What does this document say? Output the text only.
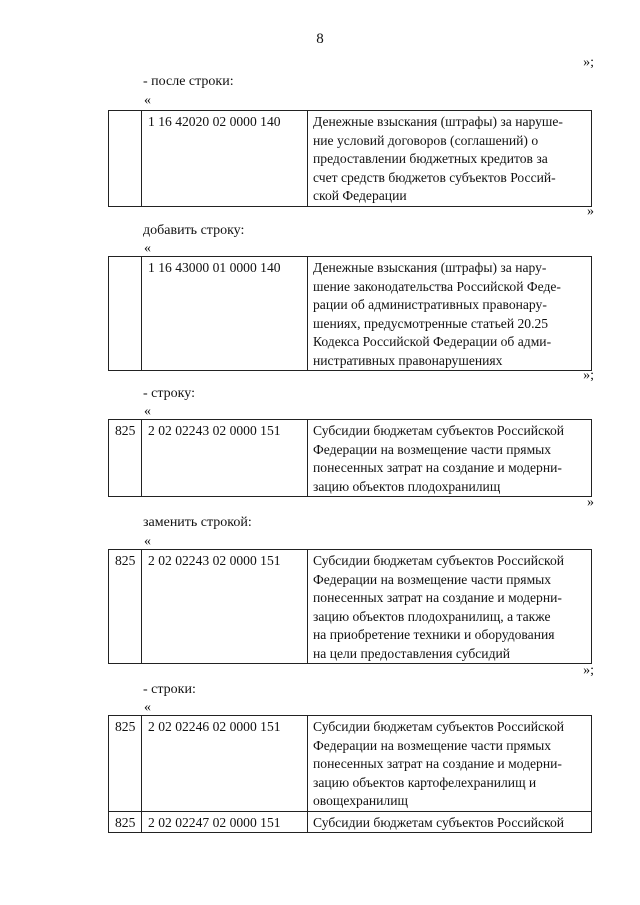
8
»;
- после строки:
«
	1 16 42020 02 0000 140	Денежные взыскания (штрафы) за наруше-
ние условий договоров (соглашений) о
предоставлении бюджетных кредитов за
счет средств бюджетов субъектов Россий-
ской Федерации
»
добавить строку:
«
	1 16 43000 01 0000 140	Денежные взыскания (штрафы) за нару-
шение законодательства Российской Феде-
рации об административных правонару-
шениях, предусмотренные статьей 20.25
Кодекса Российской Федерации об адми-
нистративных правонарушениях
»;
- строку:
«
825	2 02 02243 02 0000 151	Субсидии бюджетам субъектов Российской
Федерации на возмещение части прямых
понесенных затрат на создание и модерни-
зацию объектов плодохранилищ
»
заменить строкой:
«
825	2 02 02243 02 0000 151	Субсидии бюджетам субъектов Российской
Федерации на возмещение части прямых
понесенных затрат на создание и модерни-
зацию объектов плодохранилищ, а также
на приобретение техники и оборудования
на цели предоставления субсидий
»;
- строки:
«
825	2 02 02246 02 0000 151	Субсидии бюджетам субъектов Российской
Федерации на возмещение части прямых
понесенных затрат на создание и модерни-
зацию объектов картофелехранилищ и
овощехранилищ

825	2 02 02247 02 0000 151	Субсидии бюджетам субъектов Российской
